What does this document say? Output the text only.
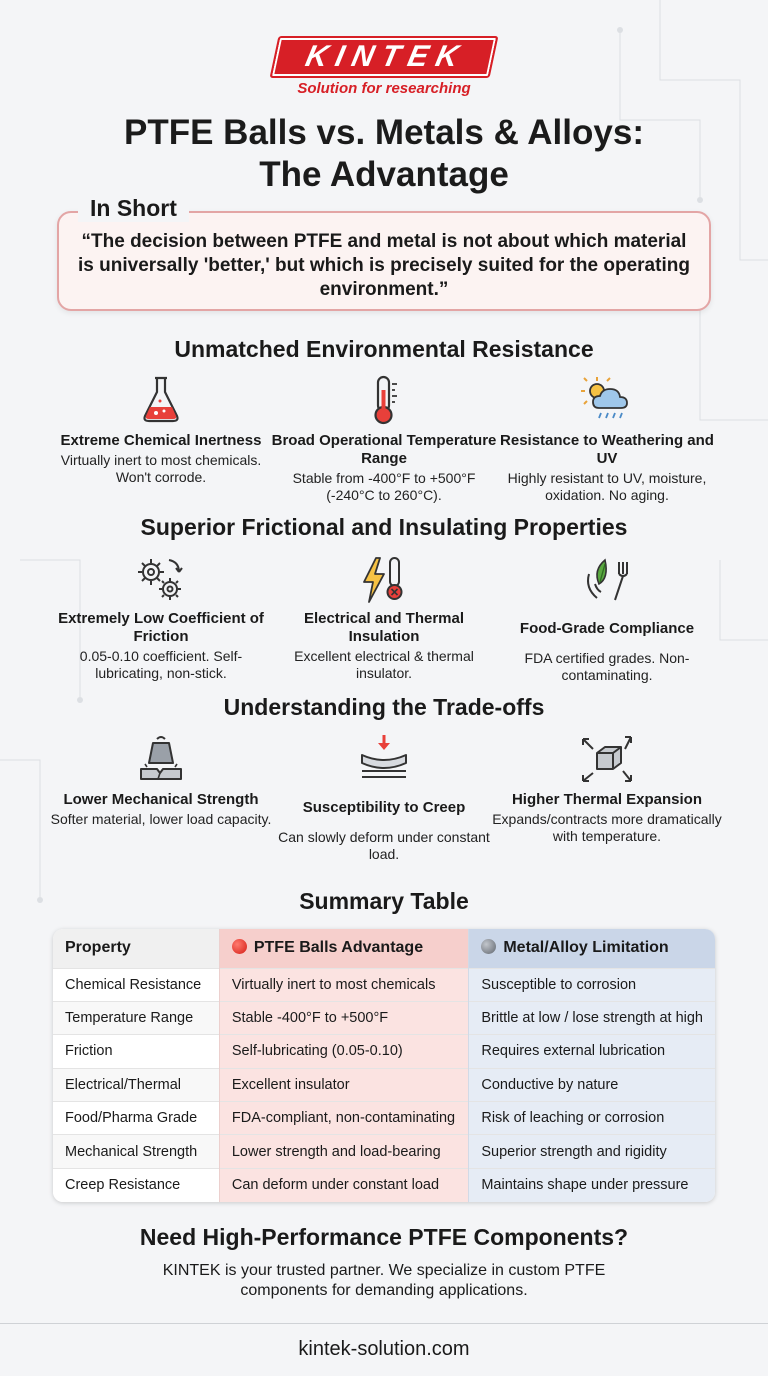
KINTEK
Solution for researching
PTFE Balls vs. Metals & Alloys:
The Advantage
In Short
“The decision between PTFE and metal is not about which material is universally 'better,' but which is precisely suited for the operating environment.”
Unmatched Environmental Resistance
Extreme Chemical Inertness
Virtually inert to most chemicals. Won't corrode.
Broad Operational Temperature Range
Stable from -400°F to +500°F (-240°C to 260°C).
Resistance to Weathering and UV
Highly resistant to UV, moisture, oxidation. No aging.
Superior Frictional and Insulating Properties
Extremely Low Coefficient of Friction
0.05-0.10 coefficient. Self-lubricating, non-stick.
Electrical and Thermal Insulation
Excellent electrical & thermal insulator.
Food-Grade Compliance
FDA certified grades. Non-contaminating.
Understanding the Trade-offs
Lower Mechanical Strength
Softer material, lower load capacity.
Susceptibility to Creep
Can slowly deform under constant load.
Higher Thermal Expansion
Expands/contracts more dramatically with temperature.
Summary Table
Property	PTFE Balls Advantage	Metal/Alloy Limitation
Chemical Resistance	Virtually inert to most chemicals	Susceptible to corrosion
Temperature Range	Stable -400°F to +500°F	Brittle at low / lose strength at high
Friction	Self-lubricating (0.05-0.10)	Requires external lubrication
Electrical/Thermal	Excellent insulator	Conductive by nature
Food/Pharma Grade	FDA-compliant, non-contaminating	Risk of leaching or corrosion
Mechanical Strength	Lower strength and load-bearing	Superior strength and rigidity
Creep Resistance	Can deform under constant load	Maintains shape under pressure
Need High-Performance PTFE Components?
KINTEK is your trusted partner. We specialize in custom PTFE components for demanding applications.
kintek-solution.com
